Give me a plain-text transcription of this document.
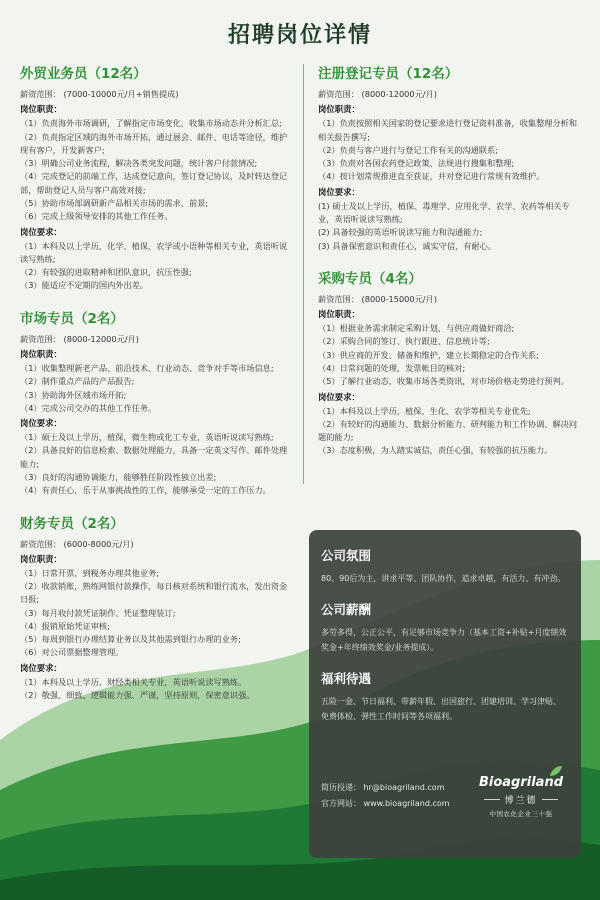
招聘岗位详情
外贸业务员（12名）
薪资范围： (7000-10000元/月+销售提成)
岗位职责：
（1）负责海外市场调研，了解指定市场变化，收集市场动态并分析汇总;
（2）负责指定区域的海外市场开拓，通过展会、邮件、电话等途径，维护现有客户，开发新客户;
（3）明确公司业务流程，解决各类突发问题，统计客户付款情况;
（4）完成登记的前端工作，达成登记意向，签订登记协议，及时转达登记部，帮助登记人员与客户高效对接;
（5）协助市场部调研新产品相关市场的需求、前景;
（6）完成上级领导安排的其他工作任务。
岗位要求：
（1）本科及以上学历，化学、植保、农学或小语种等相关专业，英语听说读写熟练;
（2）有较强的进取精神和团队意识，抗压性强;
（3）能适应不定期的国内外出差。
市场专员（2名）
薪资范围： (8000-12000元/月)
岗位职责：
（1）收集整理新老产品、前沿技术、行业动态、竞争对手等市场信息;
（2）制作重点产品的产品报告;
（3）协助海外区域市场开拓;
（4）完成公司交办的其他工作任务。
岗位要求：
（1）硕士及以上学历，植保，微生物或化工专业，英语听说读写熟练;
（2）具备良好的信息检索、数据处理能力，具备一定英文写作、邮件处理能力;
（3）良好的沟通协调能力，能够胜任阶段性独立出差;
（4）有责任心，乐于从事挑战性的工作，能够承受一定的工作压力。
财务专员（2名）
薪资范围： (6000-8000元/月)
岗位职责：
（1）日常开票，到税务办理其他业务;
（2）收款销账，熟练网银付款操作，每日核对系统和银行流水，发出资金日报;
（3）每月收付款凭证制作、凭证整理装订;
（4）报销原始凭证审核;
（5）每周到银行办理结算业务以及其他需到银行办理的业务;
（6）对公司票据整理管理。
岗位要求：
（1）本科及以上学历，财经类相关专业，英语听说读写熟练。
（2）敬强、细致、逻辑能力强、严谨，坚持原则，保密意识强。
注册登记专员（12名）
薪资范围： (8000-12000元/月)
岗位职责：
（1）负责按照相关国家的登记要求进行登记资料准备，收集整理分析和相关报告撰写;
（2）负责与客户进行与登记工作有关的沟通联系;
（3）负责对各国农药登记政策、法规进行搜集和整理;
（4）按计划常规推进直至获证，并对登记进行常规有效维护。
岗位要求：
(1) 硕士及以上学历，植保、毒理学、应用化学、农学、农药等相关专业，英语听说读写熟练;
(2) 具备较强的英语听说读写能力和沟通能力;
(3) 具备保密意识和责任心，诚实守信，有耐心。
采购专员（4名）
薪资范围： (8000-15000元/月)
岗位职责：
（1）根据业务需求制定采购计划，与供应商做好商洽;
（2）采购合同的签订、执行跟进、信息统计等;
（3）供应商的开发、储备和维护，建立长期稳定的合作关系;
（4）日常问题的处理，发票帐目的核对;
（5）了解行业动态，收集市场各类资讯，对市场价格走势进行预判。
岗位要求：
（1）本科及以上学历，植保、生化、农学等相关专业优先;
（2）有较好的沟通能力、数据分析能力、研判能力和工作协调、解决问题的能力;
（3）态度积极，为人踏实诚信，责任心强，有较强的抗压能力。
公司氛围
80、90后为主，讲求平等、团队协作，追求卓越，有活力、有冲劲。
公司薪酬
多劳多得，公正公平，有足够市场竞争力（基本工资+补贴+月度绩效奖金+年终绩效奖金/业务提成）。
福利待遇
五险一金、节日福利、带薪年假、出国旅行、团建培训、学习津贴、免费体检、弹性工作时间等各项福利。
简历投递： hr@bioagriland.com
官方网站： www.bioagriland.com
Bioagriland
博兰德
中国农化企业三十强
